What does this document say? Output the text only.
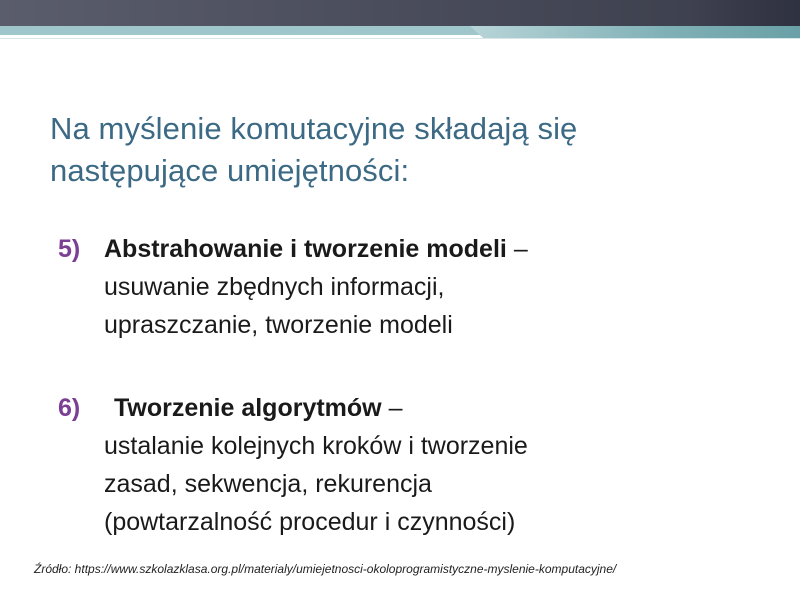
Na myślenie komutacyjne składają się
następujące umiejętności:
5) Abstrahowanie i tworzenie modeli –
usuwanie zbędnych informacji,
upraszczanie, tworzenie modeli
6)	Tworzenie algorytmów –
ustalanie kolejnych kroków i tworzenie
zasad, sekwencja, rekurencja
(powtarzalność procedur i czynności)
Źródło: https://www.szkolazklasa.org.pl/materialy/umiejetnosci-okoloprogramistyczne-myslenie-komputacyjne/
